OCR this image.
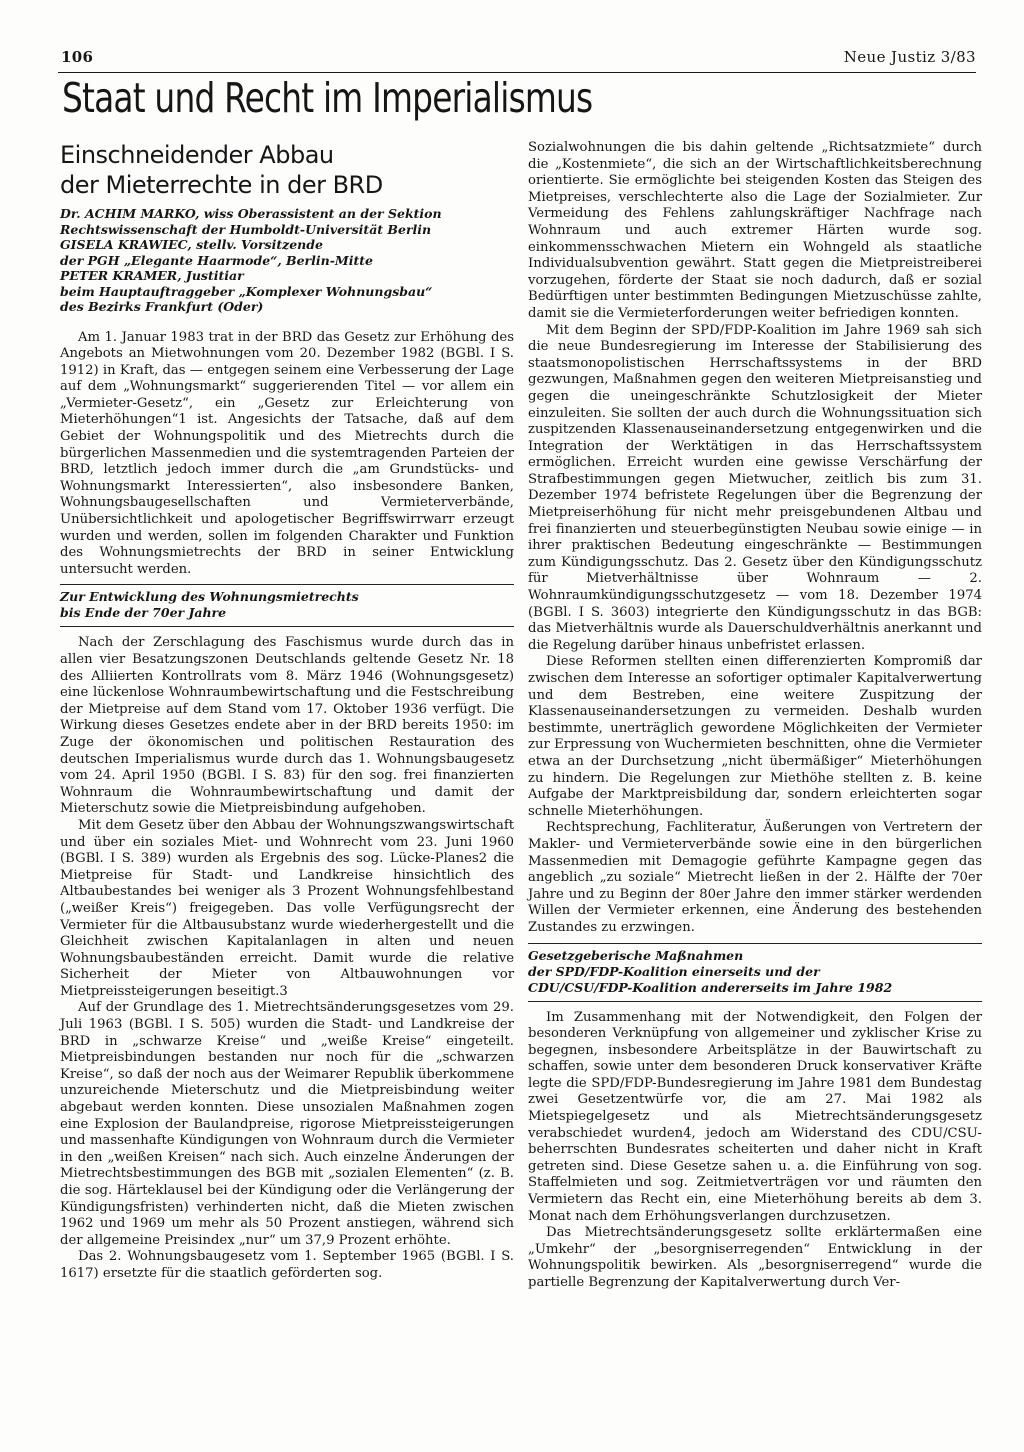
106	Neue Justiz 3/83
Staat und Recht im Imperialismus
Einschneidender Abbau
der Mieterrechte in der BRD
Dr. ACHIM MARKO, wiss Oberassistent an der Sektion
Rechtswissenschaft der Humboldt-Universität Berlin
GISELA KRAWIEC, stellv. Vorsitzende
der PGH „Elegante Haarmode“, Berlin-Mitte
PETER KRAMER, Justitiar
beim Hauptauftraggeber „Komplexer Wohnungsbau“
des Bezirks Frankfurt (Oder)

Am 1. Januar 1983 trat in der BRD das Gesetz zur Erhöhung des Angebots an Mietwohnungen vom 20. Dezember 1982 (BGBl. I S. 1912) in Kraft, das — entgegen seinem eine Verbesserung der Lage auf dem „Wohnungsmarkt“ suggerierenden Titel — vor allem ein „Vermieter-Gesetz“, ein „Gesetz zur Erleichterung von Mieterhöhungen“1 ist. Angesichts der Tatsache, daß auf dem Gebiet der Wohnungspolitik und des Mietrechts durch die bürgerlichen Massenmedien und die systemtragenden Parteien der BRD, letztlich jedoch immer durch die „am Grundstücks- und Wohnungsmarkt Interessierten“, also insbesondere Banken, Wohnungsbaugesellschaften und Vermieterverbände, Unübersichtlichkeit und apologetischer Begriffswirrwarr erzeugt wurden und werden, sollen im folgenden Charakter und Funktion des Wohnungsmietrechts der BRD in seiner Entwicklung untersucht werden.

Zur Entwicklung des Wohnungsmietrechts
bis Ende der 70er Jahre

Nach der Zerschlagung des Faschismus wurde durch das in allen vier Besatzungszonen Deutschlands geltende Gesetz Nr. 18 des Alliierten Kontrollrats vom 8. März 1946 (Wohnungsgesetz) eine lückenlose Wohnraumbewirtschaftung und die Festschreibung der Mietpreise auf dem Stand vom 17. Oktober 1936 verfügt. Die Wirkung dieses Gesetzes endete aber in der BRD bereits 1950: im Zuge der ökonomischen und politischen Restauration des deutschen Imperialismus wurde durch das 1. Wohnungsbaugesetz vom 24. April 1950 (BGBl. I S. 83) für den sog. frei finanzierten Wohnraum die Wohnraumbewirtschaftung und damit der Mieterschutz sowie die Mietpreisbindung aufgehoben.

Mit dem Gesetz über den Abbau der Wohnungszwangswirtschaft und über ein soziales Miet- und Wohnrecht vom 23. Juni 1960 (BGBl. I S. 389) wurden als Ergebnis des sog. Lücke-Planes2 die Mietpreise für Stadt- und Landkreise hinsichtlich des Altbaubestandes bei weniger als 3 Prozent Wohnungsfehlbestand („weißer Kreis“) freigegeben. Das volle Verfügungsrecht der Vermieter für die Altbausubstanz wurde wiederhergestellt und die Gleichheit zwischen Kapitalanlagen in alten und neuen Wohnungsbaubeständen erreicht. Damit wurde die relative Sicherheit der Mieter von Altbauwohnungen vor Mietpreissteigerungen beseitigt.3

Auf der Grundlage des 1. Mietrechtsänderungsgesetzes vom 29. Juli 1963 (BGBl. I S. 505) wurden die Stadt- und Landkreise der BRD in „schwarze Kreise“ und „weiße Kreise“ eingeteilt. Mietpreisbindungen bestanden nur noch für die „schwarzen Kreise“, so daß der noch aus der Weimarer Republik überkommene unzureichende Mieterschutz und die Mietpreisbindung weiter abgebaut werden konnten. Diese unsozialen Maßnahmen zogen eine Explosion der Baulandpreise, rigorose Mietpreissteigerungen und massenhafte Kündigungen von Wohnraum durch die Vermieter in den „weißen Kreisen“ nach sich. Auch einzelne Änderungen der Mietrechtsbestimmungen des BGB mit „sozialen Elementen“ (z. B. die sog. Härteklausel bei der Kündigung oder die Verlängerung der Kündigungsfristen) verhinderten nicht, daß die Mieten zwischen 1962 und 1969 um mehr als 50 Prozent anstiegen, während sich der allgemeine Preisindex „nur“ um 37,9 Prozent erhöhte.

Das 2. Wohnungsbaugesetz vom 1. September 1965 (BGBl. I S. 1617) ersetzte für die staatlich geförderten sog.

Sozialwohnungen die bis dahin geltende „Richtsatzmiete“ durch die „Kostenmiete“, die sich an der Wirtschaftlichkeitsberechnung orientierte. Sie ermöglichte bei steigenden Kosten das Steigen des Mietpreises, verschlechterte also die Lage der Sozialmieter. Zur Vermeidung des Fehlens zahlungskräftiger Nachfrage nach Wohnraum und auch extremer Härten wurde sog. einkommensschwachen Mietern ein Wohngeld als staatliche Individualsubvention gewährt. Statt gegen die Mietpreistreiberei vorzugehen, förderte der Staat sie noch dadurch, daß er sozial Bedürftigen unter bestimmten Bedingungen Mietzuschüsse zahlte, damit sie die Vermieterforderungen weiter befriedigen konnten.

Mit dem Beginn der SPD/FDP-Koalition im Jahre 1969 sah sich die neue Bundesregierung im Interesse der Stabilisierung des staatsmonopolistischen Herrschaftssystems in der BRD gezwungen, Maßnahmen gegen den weiteren Mietpreisanstieg und gegen die uneingeschränkte Schutzlosigkeit der Mieter einzuleiten. Sie sollten der auch durch die Wohnungssituation sich zuspitzenden Klassenauseinandersetzung entgegenwirken und die Integration der Werktätigen in das Herrschaftssystem ermöglichen. Erreicht wurden eine gewisse Verschärfung der Strafbestimmungen gegen Mietwucher, zeitlich bis zum 31. Dezember 1974 befristete Regelungen über die Begrenzung der Mietpreiserhöhung für nicht mehr preisgebundenen Altbau und frei finanzierten und steuerbegünstigten Neubau sowie einige — in ihrer praktischen Bedeutung eingeschränkte — Bestimmungen zum Kündigungsschutz. Das 2. Gesetz über den Kündigungsschutz für Mietverhältnisse über Wohnraum — 2. Wohnraumkündigungsschutzgesetz — vom 18. Dezember 1974 (BGBl. I S. 3603) integrierte den Kündigungsschutz in das BGB: das Mietverhältnis wurde als Dauerschuldverhältnis anerkannt und die Regelung darüber hinaus unbefristet erlassen.

Diese Reformen stellten einen differenzierten Kompromiß dar zwischen dem Interesse an sofortiger optimaler Kapitalverwertung und dem Bestreben, eine weitere Zuspitzung der Klassenauseinandersetzungen zu vermeiden. Deshalb wurden bestimmte, unerträglich gewordene Möglichkeiten der Vermieter zur Erpressung von Wuchermieten beschnitten, ohne die Vermieter etwa an der Durchsetzung „nicht übermäßiger“ Mieterhöhungen zu hindern. Die Regelungen zur Miethöhe stellten z. B. keine Aufgabe der Marktpreisbildung dar, sondern erleichterten sogar schnelle Mieterhöhungen.

Rechtsprechung, Fachliteratur, Äußerungen von Vertretern der Makler- und Vermieterverbände sowie eine in den bürgerlichen Massenmedien mit Demagogie geführte Kampagne gegen das angeblich „zu soziale“ Mietrecht ließen in der 2. Hälfte der 70er Jahre und zu Beginn der 80er Jahre den immer stärker werdenden Willen der Vermieter erkennen, eine Änderung des bestehenden Zustandes zu erzwingen.

Gesetzgeberische Maßnahmen
der SPD/FDP-Koalition einerseits und der
CDU/CSU/FDP-Koalition andererseits im Jahre 1982

Im Zusammenhang mit der Notwendigkeit, den Folgen der besonderen Verknüpfung von allgemeiner und zyklischer Krise zu begegnen, insbesondere Arbeitsplätze in der Bauwirtschaft zu schaffen, sowie unter dem besonderen Druck konservativer Kräfte legte die SPD/FDP-Bundesregierung im Jahre 1981 dem Bundestag zwei Gesetzentwürfe vor, die am 27. Mai 1982 als Mietspiegelgesetz und als Mietrechtsänderungsgesetz verabschiedet wurden4, jedoch am Widerstand des CDU/CSU-beherrschten Bundesrates scheiterten und daher nicht in Kraft getreten sind. Diese Gesetze sahen u. a. die Einführung von sog. Staffelmieten und sog. Zeitmietverträgen vor und räumten den Vermietern das Recht ein, eine Mieterhöhung bereits ab dem 3. Monat nach dem Erhöhungsverlangen durchzusetzen.

Das Mietrechtsänderungsgesetz sollte erklärtermaßen eine „Umkehr“ der „besorgniserregenden“ Entwicklung in der Wohnungspolitik bewirken. Als „besorgniserregend“ wurde die partielle Begrenzung der Kapitalverwertung durch Ver-
